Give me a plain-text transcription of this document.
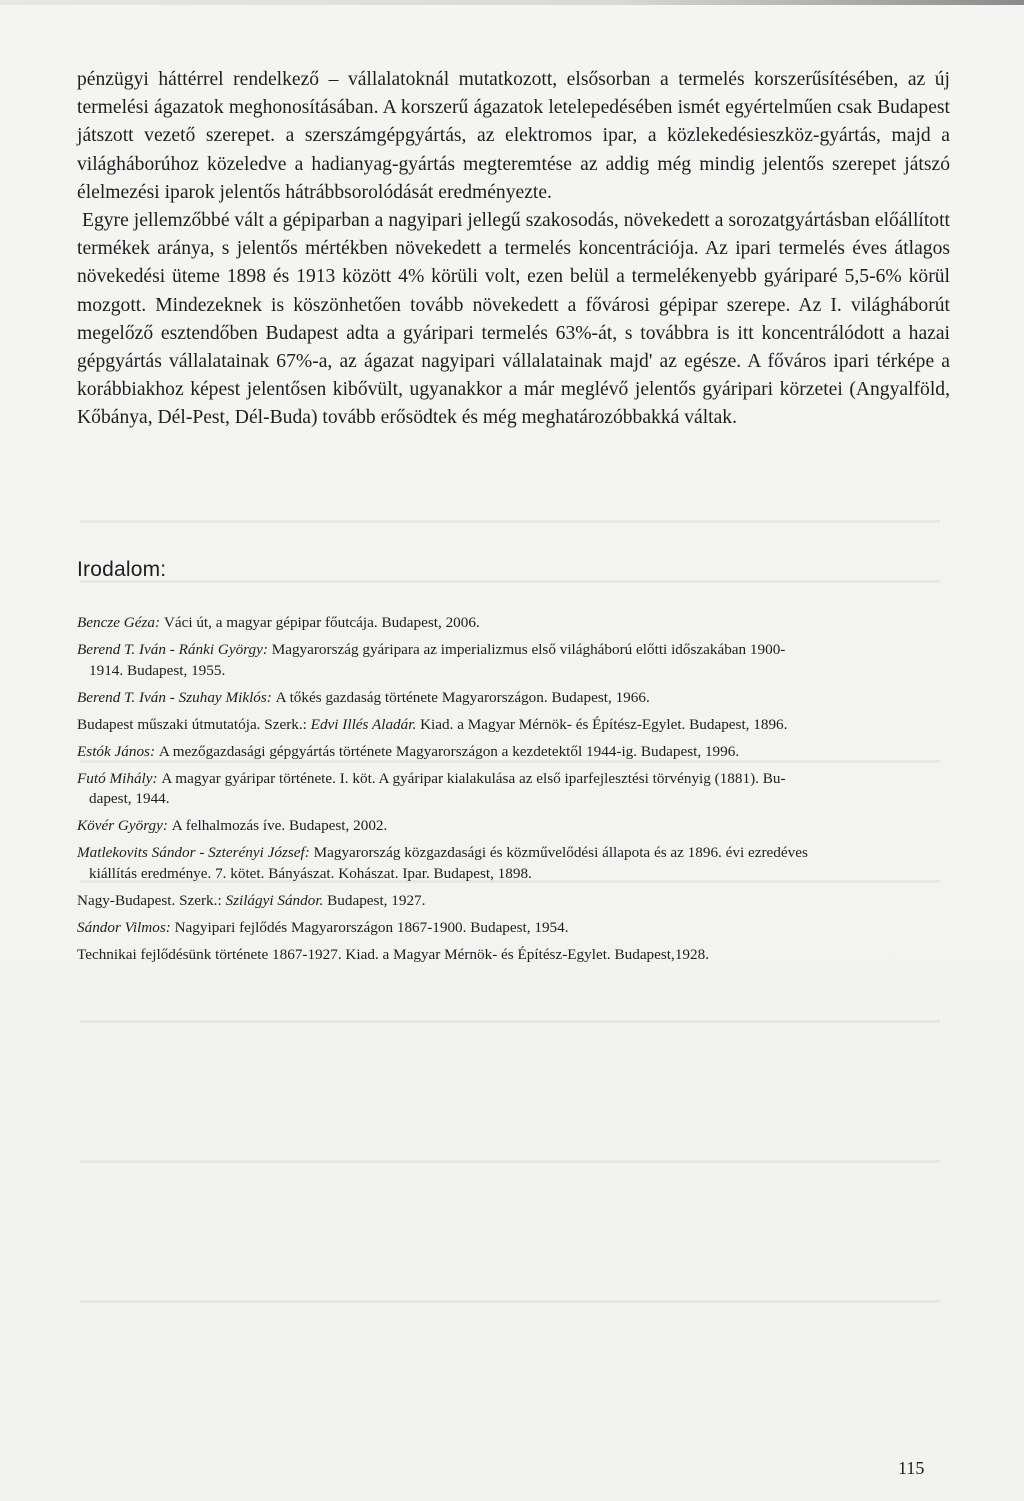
pénzügyi háttérrel rendelkező – vállalatoknál mutatkozott, elsősorban a termelés korszerűsítésében, az új termelési ágazatok meghonosításában. A korszerű ágazatok letelepedésében ismét egyértelműen csak Budapest játszott vezető szerepet. a szerszámgépgyártás, az elektromos ipar, a közlekedésieszköz-gyártás, majd a világháborúhoz közeledve a hadianyag-gyártás megteremtése az addig még mindig jelentős szerepet játszó élelmezési iparok jelentős hátrábbsorolódását eredményezte.

Egyre jellemzőbbé vált a gépiparban a nagyipari jellegű szakosodás, növekedett a sorozatgyártásban előállított termékek aránya, s jelentős mértékben növekedett a termelés koncentrációja. Az ipari termelés éves átlagos növekedési üteme 1898 és 1913 között 4% körüli volt, ezen belül a termelékenyebb gyáriparé 5,5-6% körül mozgott. Mindezeknek is köszönhetően tovább növekedett a fővárosi gépipar szerepe. Az I. világháborút megelőző esztendőben Budapest adta a gyáripari termelés 63%-át, s továbbra is itt koncentrálódott a hazai gépgyártás vállalatainak 67%-a, az ágazat nagyipari vállalatainak majd' az egésze. A főváros ipari térképe a korábbiakhoz képest jelentősen kibővült, ugyanakkor a már meglévő jelentős gyáripari körzetei (Angyalföld, Kőbánya, Dél-Pest, Dél-Buda) tovább erősödtek és még meghatározóbbakká váltak.

Irodalom:
Bencze Géza: Váci út, a magyar gépipar főutcája. Budapest, 2006.
Berend T. Iván - Ránki György: Magyarország gyáripara az imperializmus első világháború előtti időszakában 1900-
1914. Budapest, 1955.
Berend T. Iván - Szuhay Miklós: A tőkés gazdaság története Magyarországon. Budapest, 1966.
Budapest műszaki útmutatója. Szerk.: Edvi Illés Aladár. Kiad. a Magyar Mérnök- és Építész-Egylet. Budapest, 1896.
Estók János: A mezőgazdasági gépgyártás története Magyarországon a kezdetektől 1944-ig. Budapest, 1996.
Futó Mihály: A magyar gyáripar története. I. köt. A gyáripar kialakulása az első iparfejlesztési törvényig (1881). Bu-
dapest, 1944.
Kövér György: A felhalmozás íve. Budapest, 2002.
Matlekovits Sándor - Szterényi József: Magyarország közgazdasági és közművelődési állapota és az 1896. évi ezredéves
kiállítás eredménye. 7. kötet. Bányászat. Kohászat. Ipar. Budapest, 1898.
Nagy-Budapest. Szerk.: Szilágyi Sándor. Budapest, 1927.
Sándor Vilmos: Nagyipari fejlődés Magyarországon 1867-1900. Budapest, 1954.
Technikai fejlődésünk története 1867-1927. Kiad. a Magyar Mérnök- és Építész-Egylet. Budapest,1928.
115
